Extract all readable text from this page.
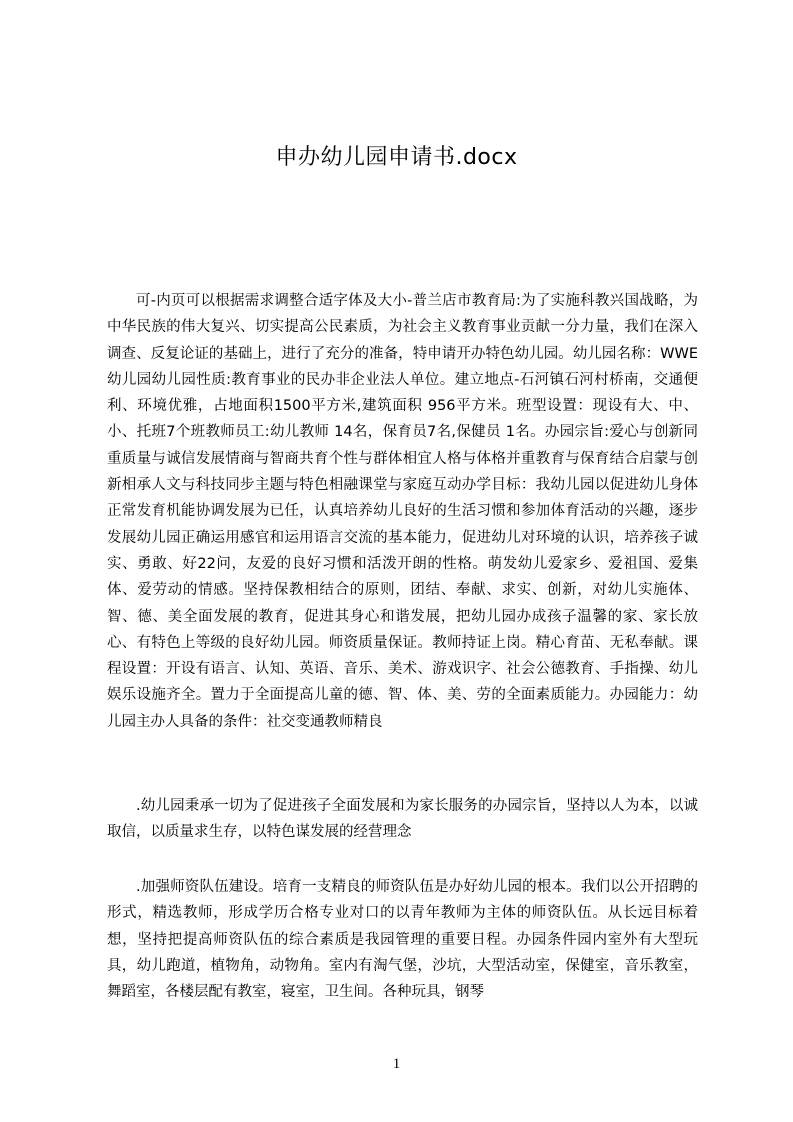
申办幼儿园申请书.docx

可-内页可以根据需求调整合适字体及大小-普兰店市教育局:为了实施科教兴国战略，为中华民族的伟大复兴、切实提高公民素质，为社会主义教育事业贡献一分力量，我们在深入调查、反复论证的基础上，进行了充分的准备，特申请开办特色幼儿园。幼儿园名称：WWE幼儿园幼儿园性质:教育事业的民办非企业法人单位。建立地点-石河镇石河村桥南，交通便利、环境优雅，占地面积1500平方米,建筑面积 956平方米。班型设置：现设有大、中、小、托班7个班教师员工:幼儿教师 14名，保育员7名,保健员 1名。办园宗旨:爱心与创新同重质量与诚信发展情商与智商共育个性与群体相宜人格与体格并重教育与保育结合启蒙与创新相承人文与科技同步主题与特色相融课堂与家庭互动办学目标：我幼儿园以促进幼儿身体正常发育机能协调发展为已任，认真培养幼儿良好的生活习惯和参加体育活动的兴趣，逐步发展幼儿园正确运用感官和运用语言交流的基本能力，促进幼儿对环境的认识，培养孩子诚实、勇敢、好22问，友爱的良好习惯和活泼开朗的性格。萌发幼儿爱家乡、爱祖国、爱集体、爱劳动的情感。坚持保教相结合的原则，团结、奉献、求实、创新，对幼儿实施体、智、德、美全面发展的教育，促进其身心和谐发展，把幼儿园办成孩子温馨的家、家长放心、有特色上等级的良好幼儿园。师资质量保证。教师持证上岗。精心育苗、无私奉献。课程设置：开设有语言、认知、英语、音乐、美术、游戏识字、社会公德教育、手指操、幼儿娱乐设施齐全。置力于全面提高儿童的德、智、体、美、劳的全面素质能力。办园能力：幼儿园主办人具备的条件：社交变通教师精良

.幼儿园秉承一切为了促进孩子全面发展和为家长服务的办园宗旨，坚持以人为本，以诚取信，以质量求生存，以特色谋发展的经营理念

.加强师资队伍建设。培育一支精良的师资队伍是办好幼儿园的根本。我们以公开招聘的形式，精选教师，形成学历合格专业对口的以青年教师为主体的师资队伍。从长远目标着想，坚持把提高师资队伍的综合素质是我园管理的重要日程。办园条件园内室外有大型玩具，幼儿跑道，植物角，动物角。室内有淘气堡，沙坑，大型活动室，保健室，音乐教室，舞蹈室，各楼层配有教室，寝室，卫生间。各种玩具，钢琴

1
